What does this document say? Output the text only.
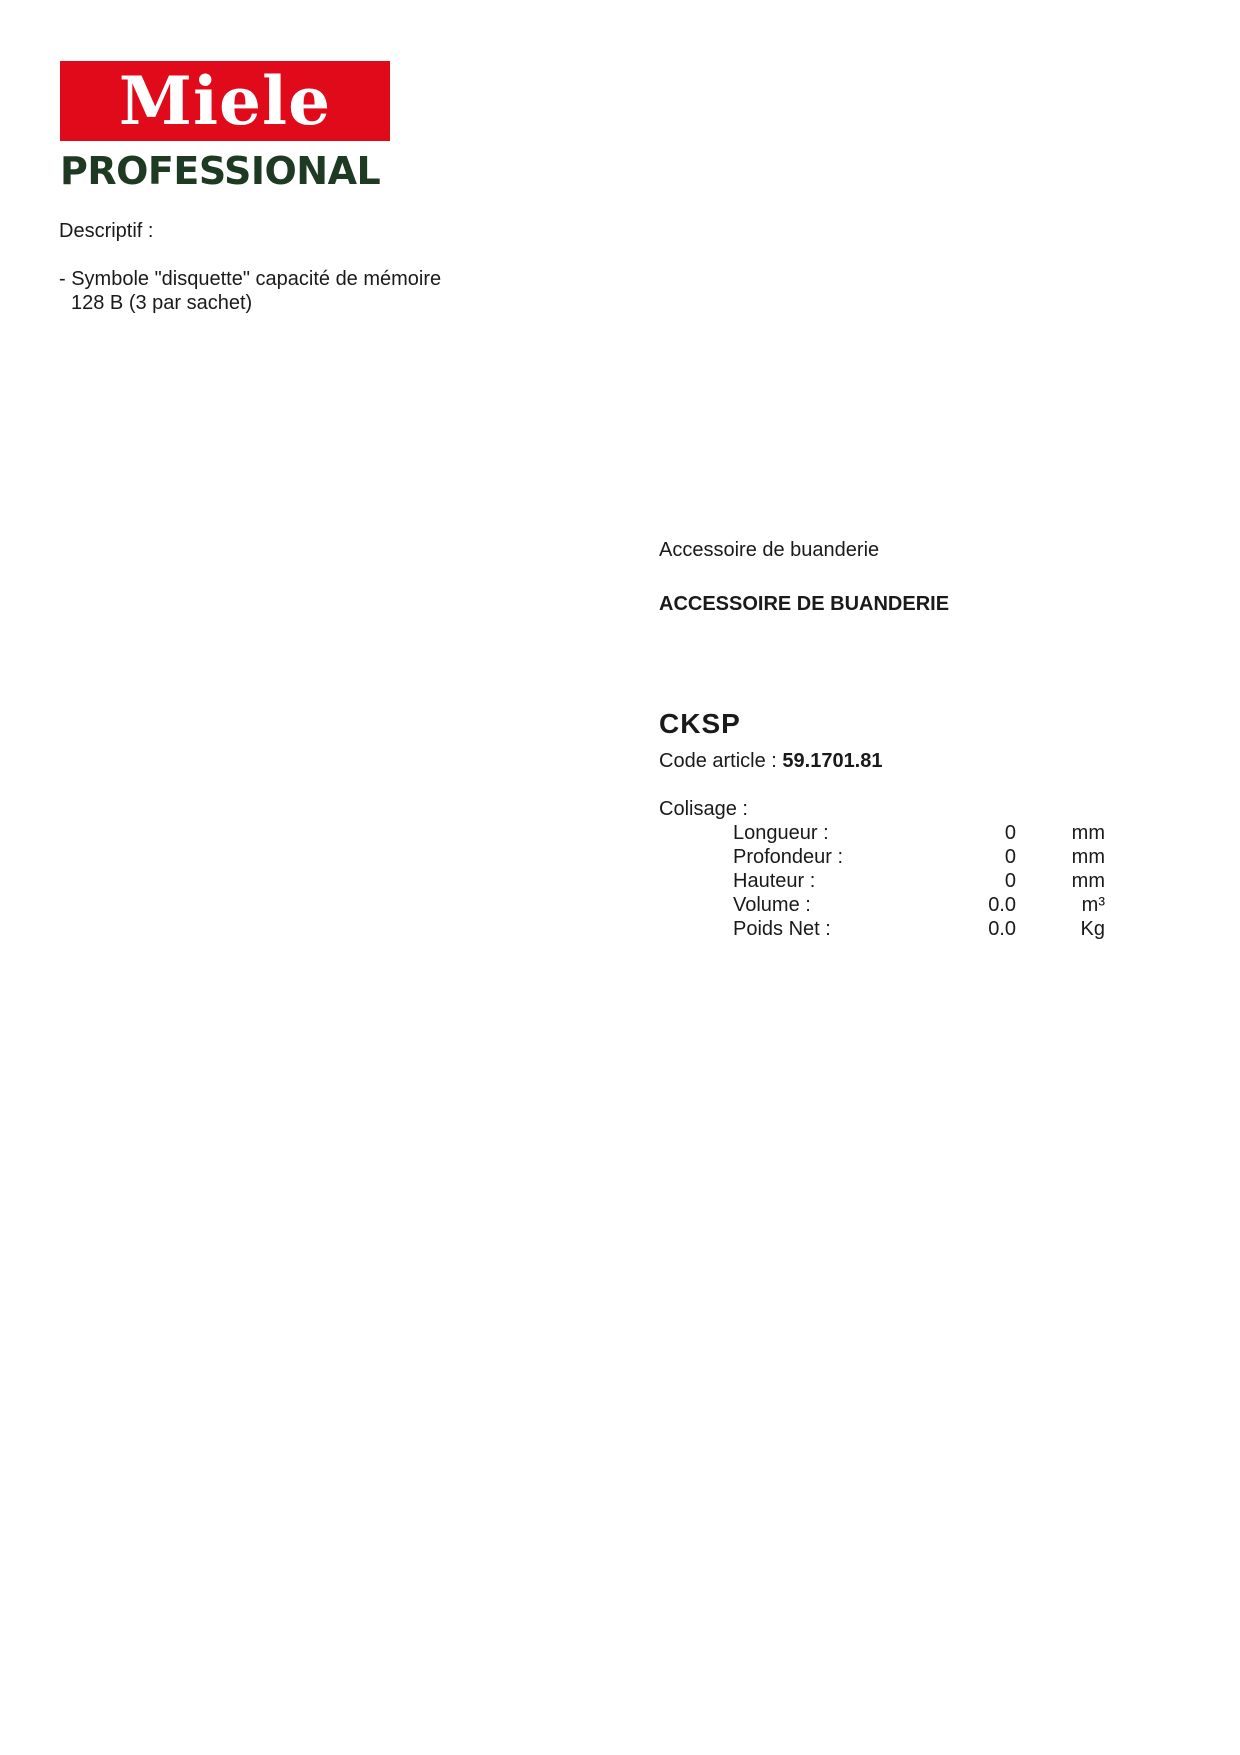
Miele
PROFESSIONAL
Descriptif :
- Symbole "disquette" capacité de mémoire
128 B (3 par sachet)
Accessoire de buanderie
ACCESSOIRE DE BUANDERIE
CKSP
Code article : 59.1701.81
Colisage :
Longueur :	0	mm
Profondeur :	0	mm
Hauteur :	0	mm
Volume :	0.0	m³
Poids Net :	0.0	Kg
